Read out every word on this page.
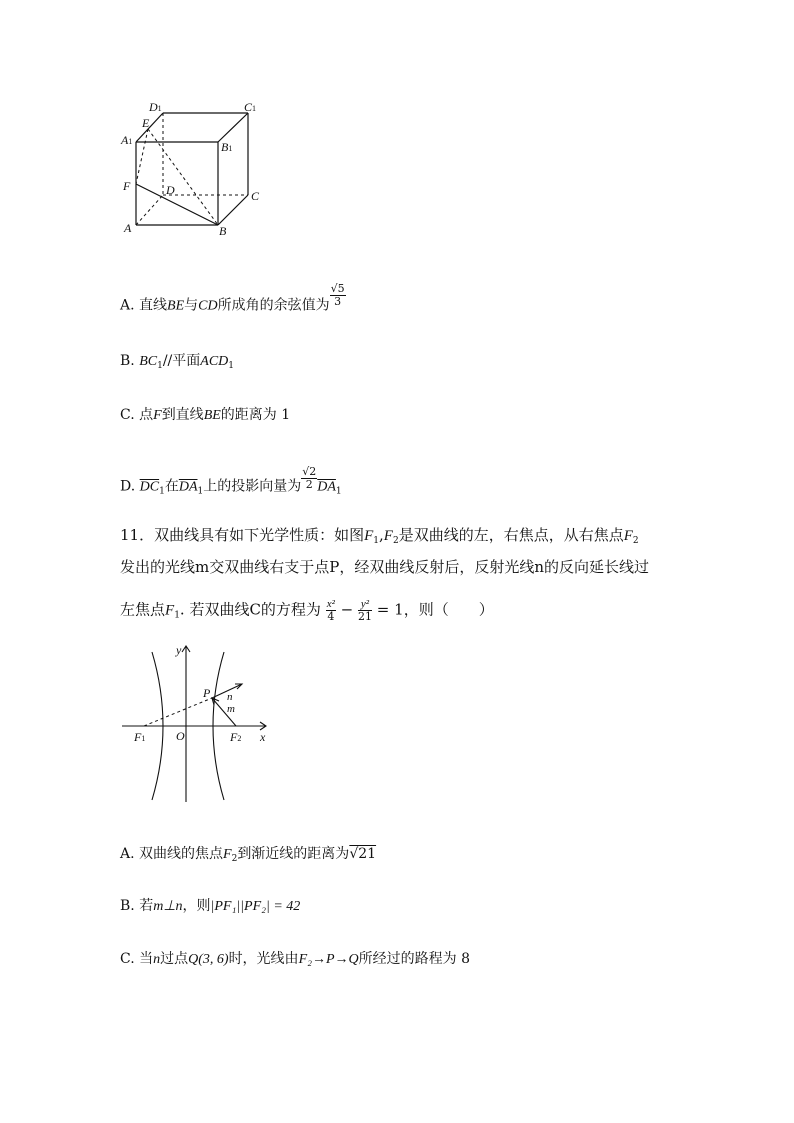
D1	C1
E
A1	B1
F	D	C
A	B
A. 直线BE与CD所成角的余弦值为 $\frac{√5}{3}$
B. $BC_1//$平面$ACD_1$
C. 点F到直线BE的距离为 1
D. $\overline{DC}_1$在$\overline{DA}_1$上的投影向量为 $\frac{√2}{2} \overline{DA}_1$
11．双曲线具有如下光学性质：如图$F_1,F_2$是双曲线的左，右焦点，从右焦点$F_2$
发出的光线m交双曲线右支于点P，经双曲线反射后，反射光线n的反向延长线过
左焦点$F_1$. 若双曲线C的方程为 $\frac{\text{x²}}{4} - \frac{\text{y²}}{21} = 1$，则（　　）
y
x
O
P n
m
F1	F2
A. 双曲线的焦点$F_2$到渐近线的距离为√21
B. 若m⊥n，则|PF₁||PF₂| = 42
C. 当n过点Q(3, 6)时，光线由F₂→P→Q所经过的路程为 8
